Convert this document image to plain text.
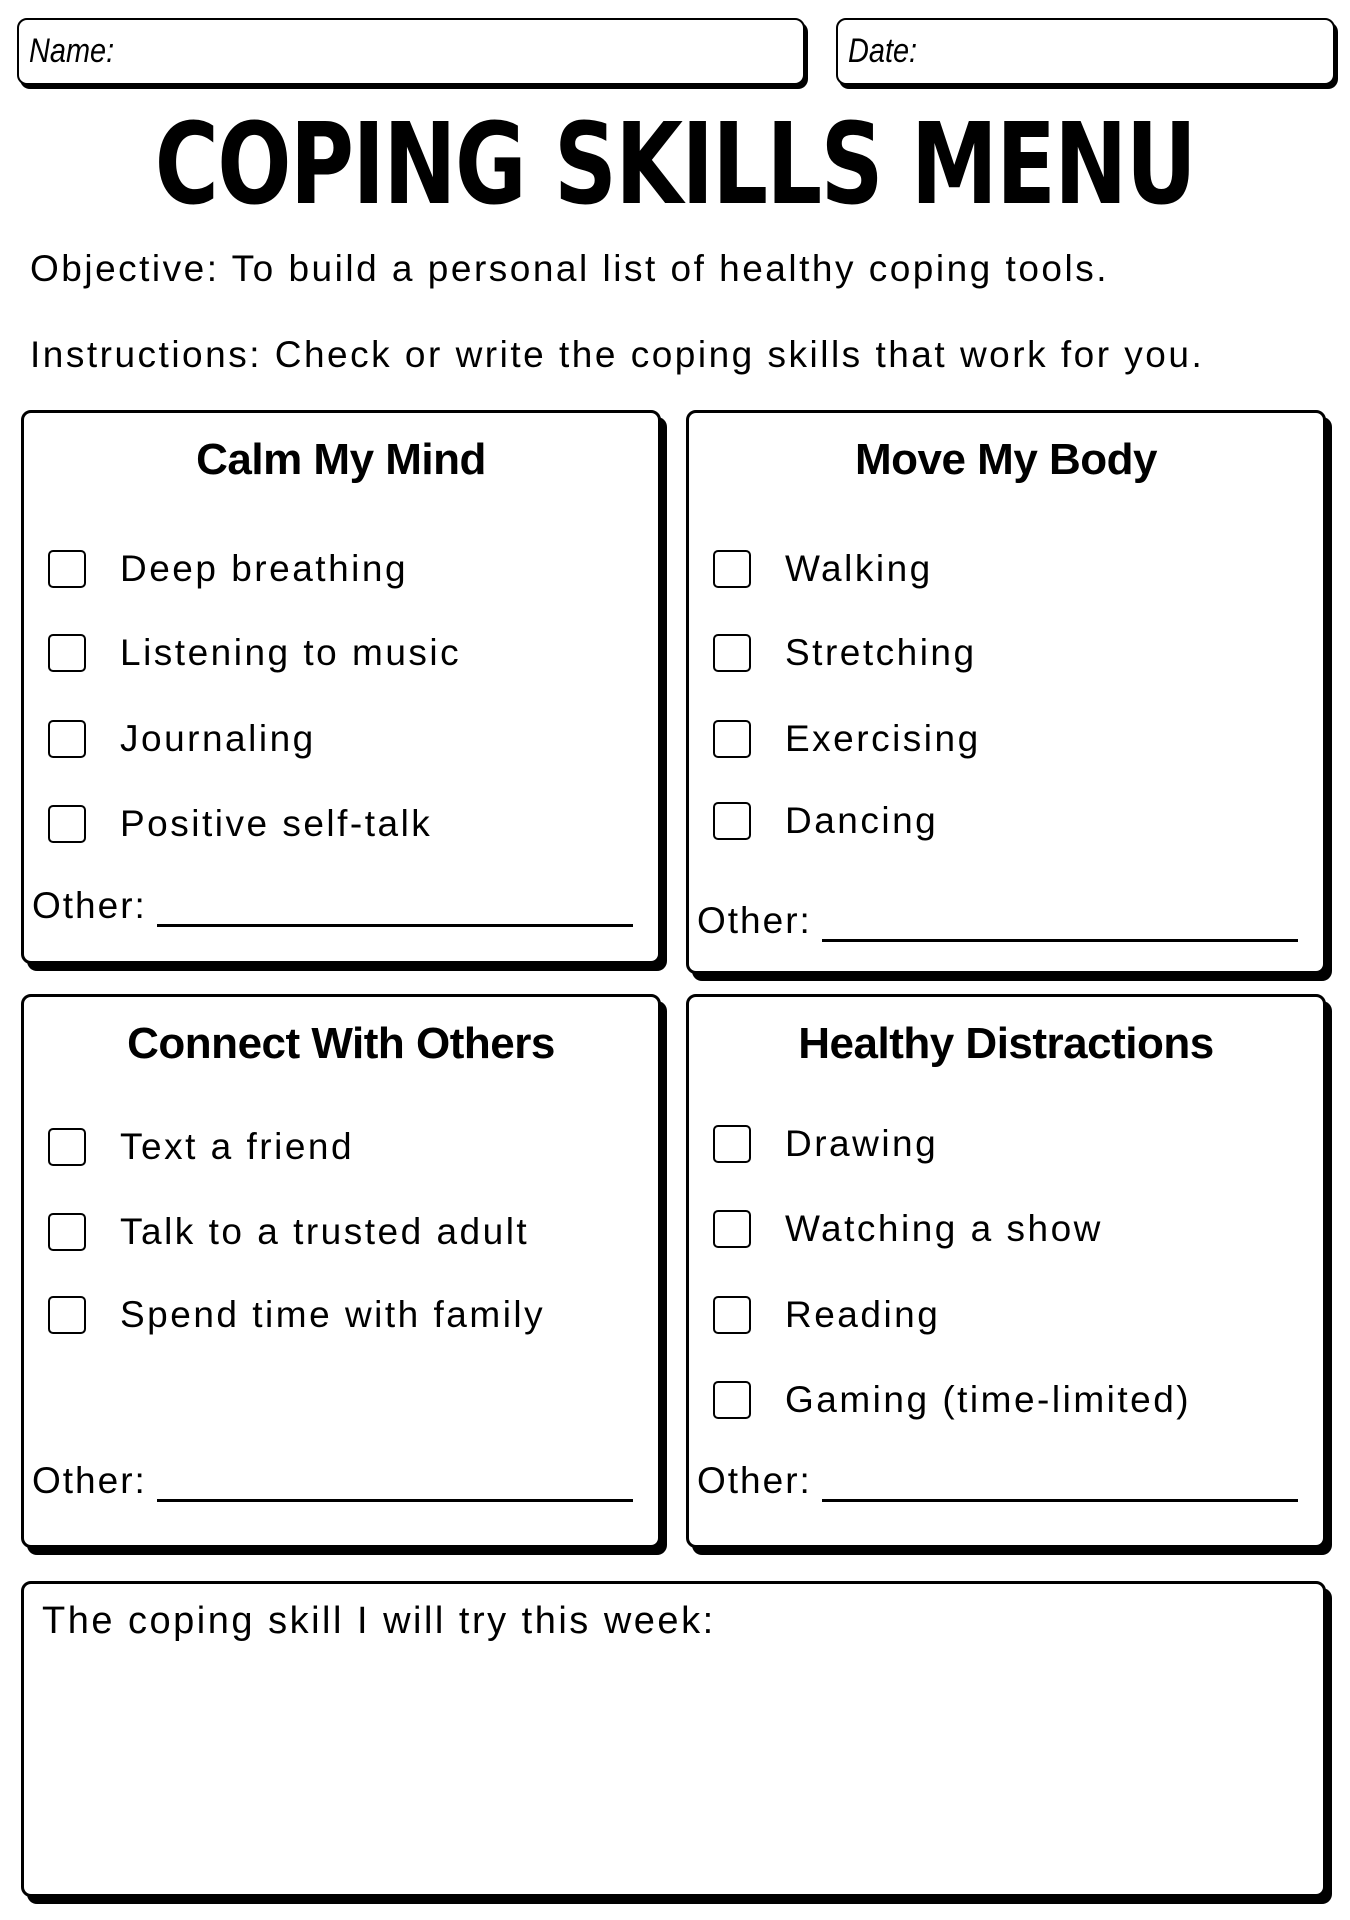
Name:	Date:
COPING SKILLS MENU
Objective: To build a personal list of healthy coping tools.
Instructions: Check or write the coping skills that work for you.
Calm My Mind
Deep breathing
Listening to music
Journaling
Positive self-talk
Other:
Move My Body
Walking
Stretching
Exercising
Dancing
Other:
Connect With Others
Text a friend
Talk to a trusted adult
Spend time with family
Other:
Healthy Distractions
Drawing
Watching a show
Reading
Gaming (time-limited)
Other:
The coping skill I will try this week:
